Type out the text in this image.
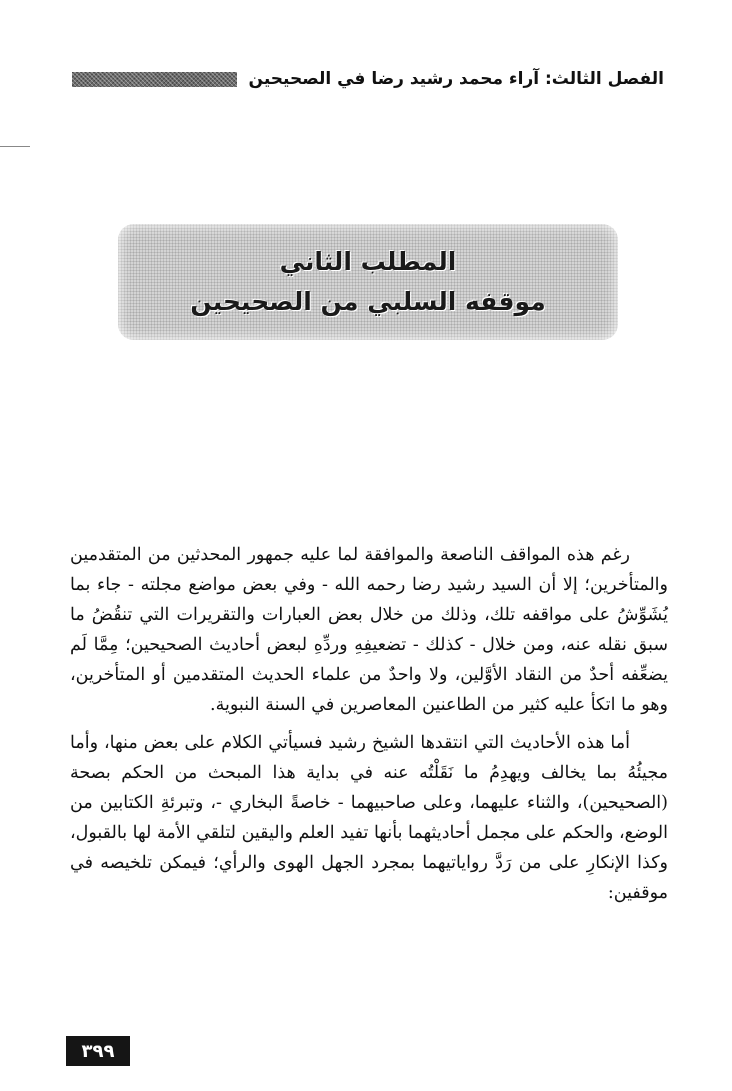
الفصل الثالث: آراء محمد رشيد رضا في الصحيحين
المطلب الثاني
موقفه السلبي من الصحيحين

رغم هذه المواقف الناصعة والموافقة لما عليه جمهور المحدثين من المتقدمين والمتأخرين؛ إلا أن السيد رشيد رضا رحمه الله - وفي بعض مواضع مجلته - جاء بما يُشَوِّشُ على مواقفه تلك، وذلك من خلال بعض العبارات والتقريرات التي تنقُضُ ما سبق نقله عنه، ومن خلال - كذلك - تضعيفِهِ وردِّهِ لبعض أحاديث الصحيحين؛ مِمَّا لَم يضعِّفه أحدٌ من النقاد الأوَّلين، ولا واحدٌ من علماء الحديث المتقدمين أو المتأخرين، وهو ما اتكأ عليه كثير من الطاعنين المعاصرين في السنة النبوية.

أما هذه الأحاديث التي انتقدها الشيخ رشيد فسيأتي الكلام على بعض منها، وأما مجيئُهُ بما يخالف ويهدِمُ ما نَقَلْتُه عنه في بداية هذا المبحث من الحكم بصحة (الصحيحين)، والثناء عليهما، وعلى صاحبيهما - خاصةً البخاري -، وتبرئةِ الكتابين من الوضع، والحكم على مجمل أحاديثهما بأنها تفيد العلم واليقين لتلقي الأمة لها بالقبول، وكذا الإنكارِ على من رَدَّ رواياتيهما بمجرد الجهل الهوى والرأي؛ فيمكن تلخيصه في موقفين:

٣٩٩
